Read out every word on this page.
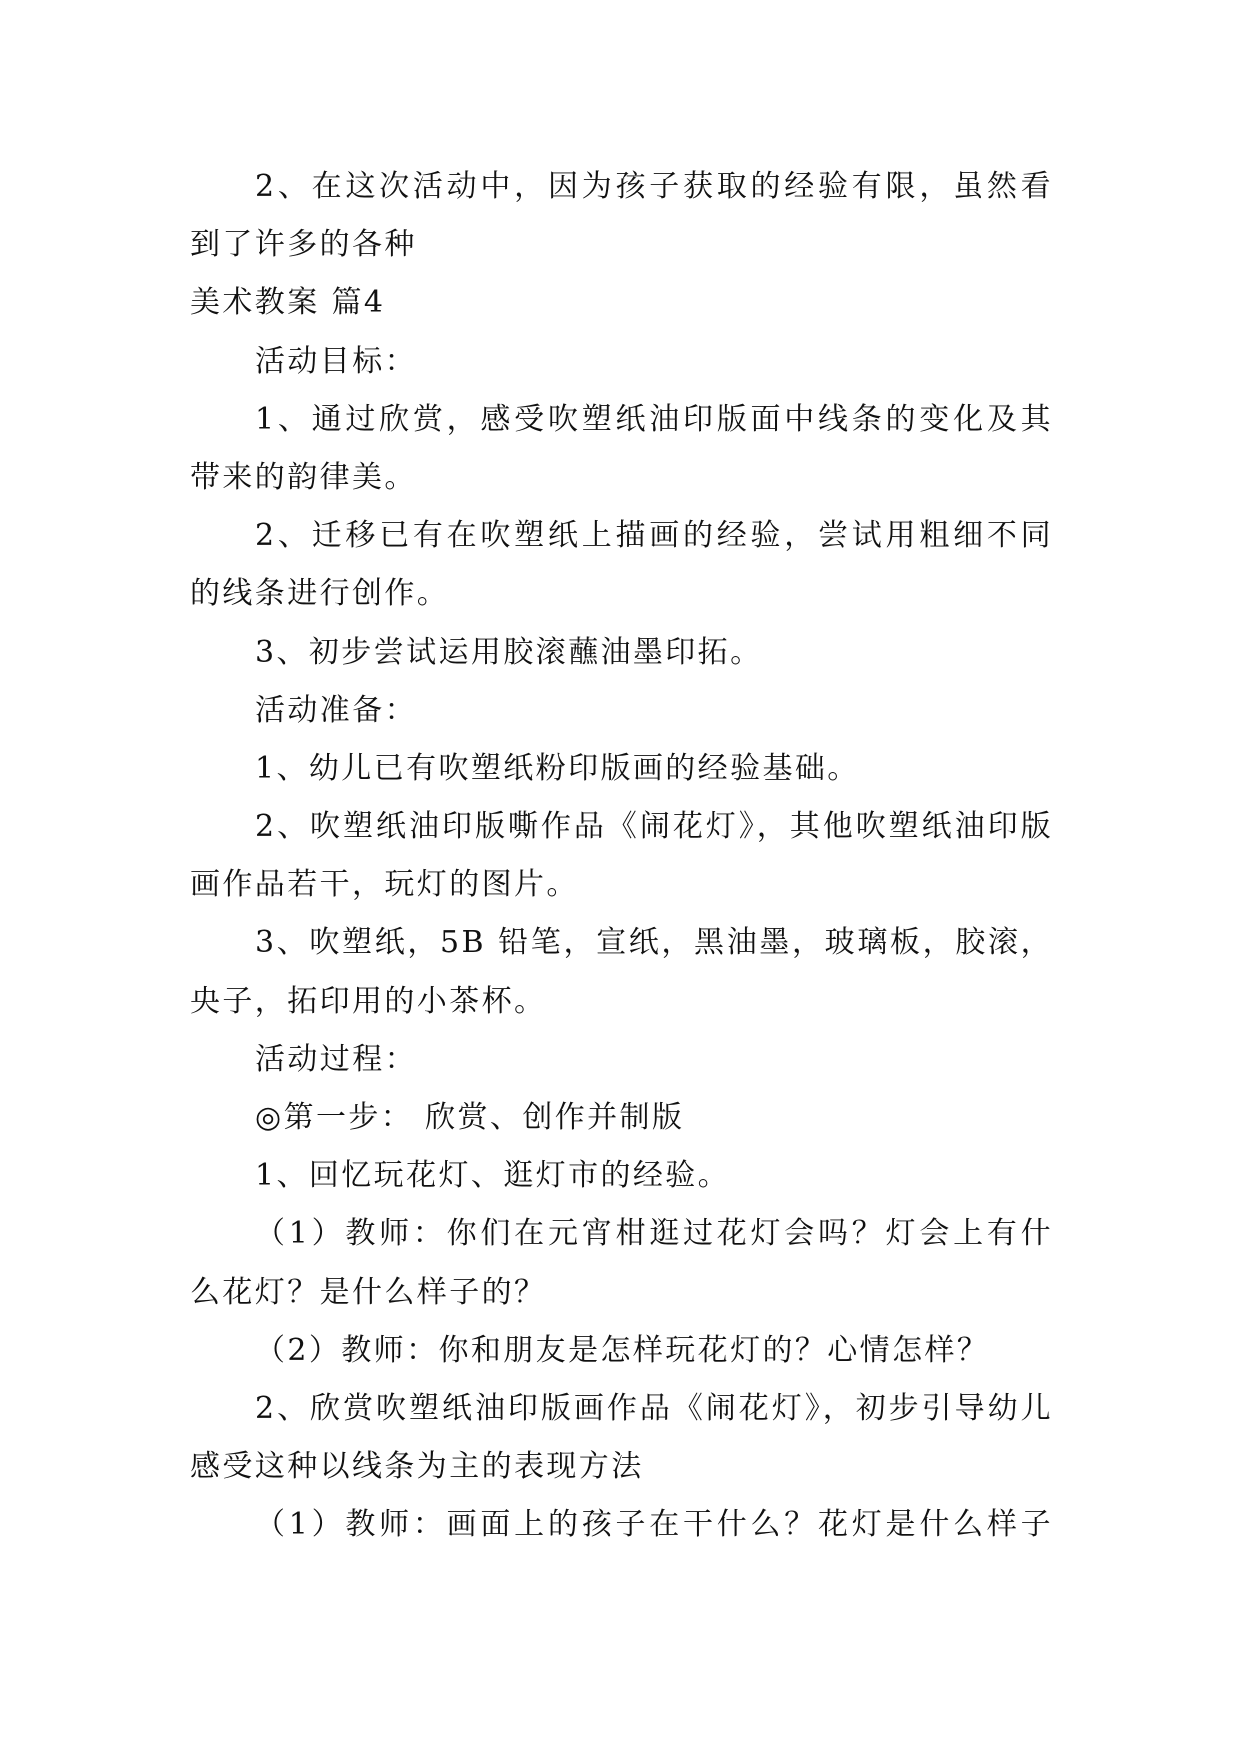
2、在这次活动中，因为孩子获取的经验有限，虽然看
到了许多的各种
美术教案 篇4
活动目标：
1、通过欣赏，感受吹塑纸油印版面中线条的变化及其
带来的韵律美。
2、迁移已有在吹塑纸上描画的经验，尝试用粗细不同
的线条进行创作。
3、初步尝试运用胶滚蘸油墨印拓。
活动准备：
1、幼儿已有吹塑纸粉印版画的经验基础。
2、吹塑纸油印版嘶作品《闹花灯》，其他吹塑纸油印版
画作品若干，玩灯的图片。
3、吹塑纸，5B 铅笔，宣纸，黑油墨，玻璃板，胶滚，
央子，拓印用的小茶杯。
活动过程：
◎第一步： 欣赏、创作并制版
1、回忆玩花灯、逛灯市的经验。
（1）教师：你们在元宵柑逛过花灯会吗？灯会上有什
么花灯？是什么样子的？
（2）教师：你和朋友是怎样玩花灯的？心情怎样？
2、欣赏吹塑纸油印版画作品《闹花灯》，初步引导幼儿
感受这种以线条为主的表现方法
（1）教师：画面上的孩子在干什么？花灯是什么样子
